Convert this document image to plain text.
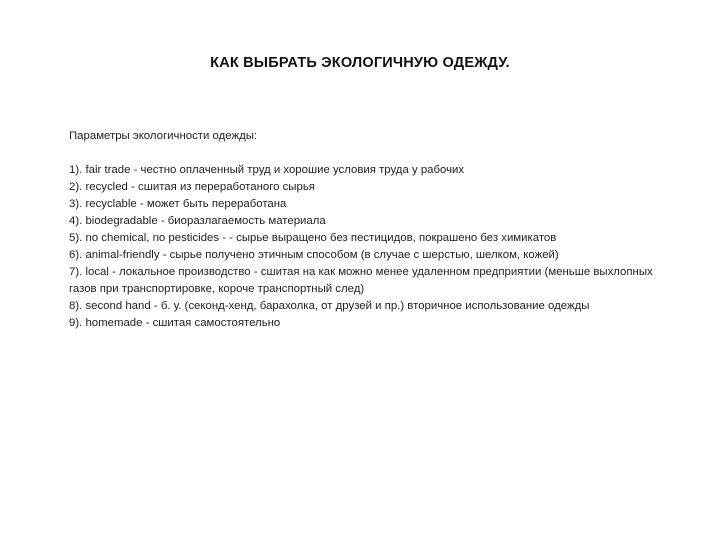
КАК ВЫБРАТЬ ЭКОЛОГИЧНУЮ ОДЕЖДУ.

Параметры экологичности одежды:

1). fair trade - честно оплаченный труд и хорошие условия труда у рабочих
2). recycled - сшитая из переработаного сырья
3). recyclable - может быть переработана
4). biodegradable - биоразлагаемость материала
5). no chemical, no pesticides - - сырье выращено без пестицидов, покрашено без химикатов
6). animal-friendly - сырье получено этичным способом (в случае с шерстью, шелком, кожей)
7). local - локальное производство - сшитая на как можно менее удаленном предприятии (меньше выхлопных газов при транспортировке, короче транспортный след)
8). second hand - б. у. (секонд-хенд, барахолка, от друзей и пр.) вторичное использование одежды
9). homemade - сшитая самостоятельно
